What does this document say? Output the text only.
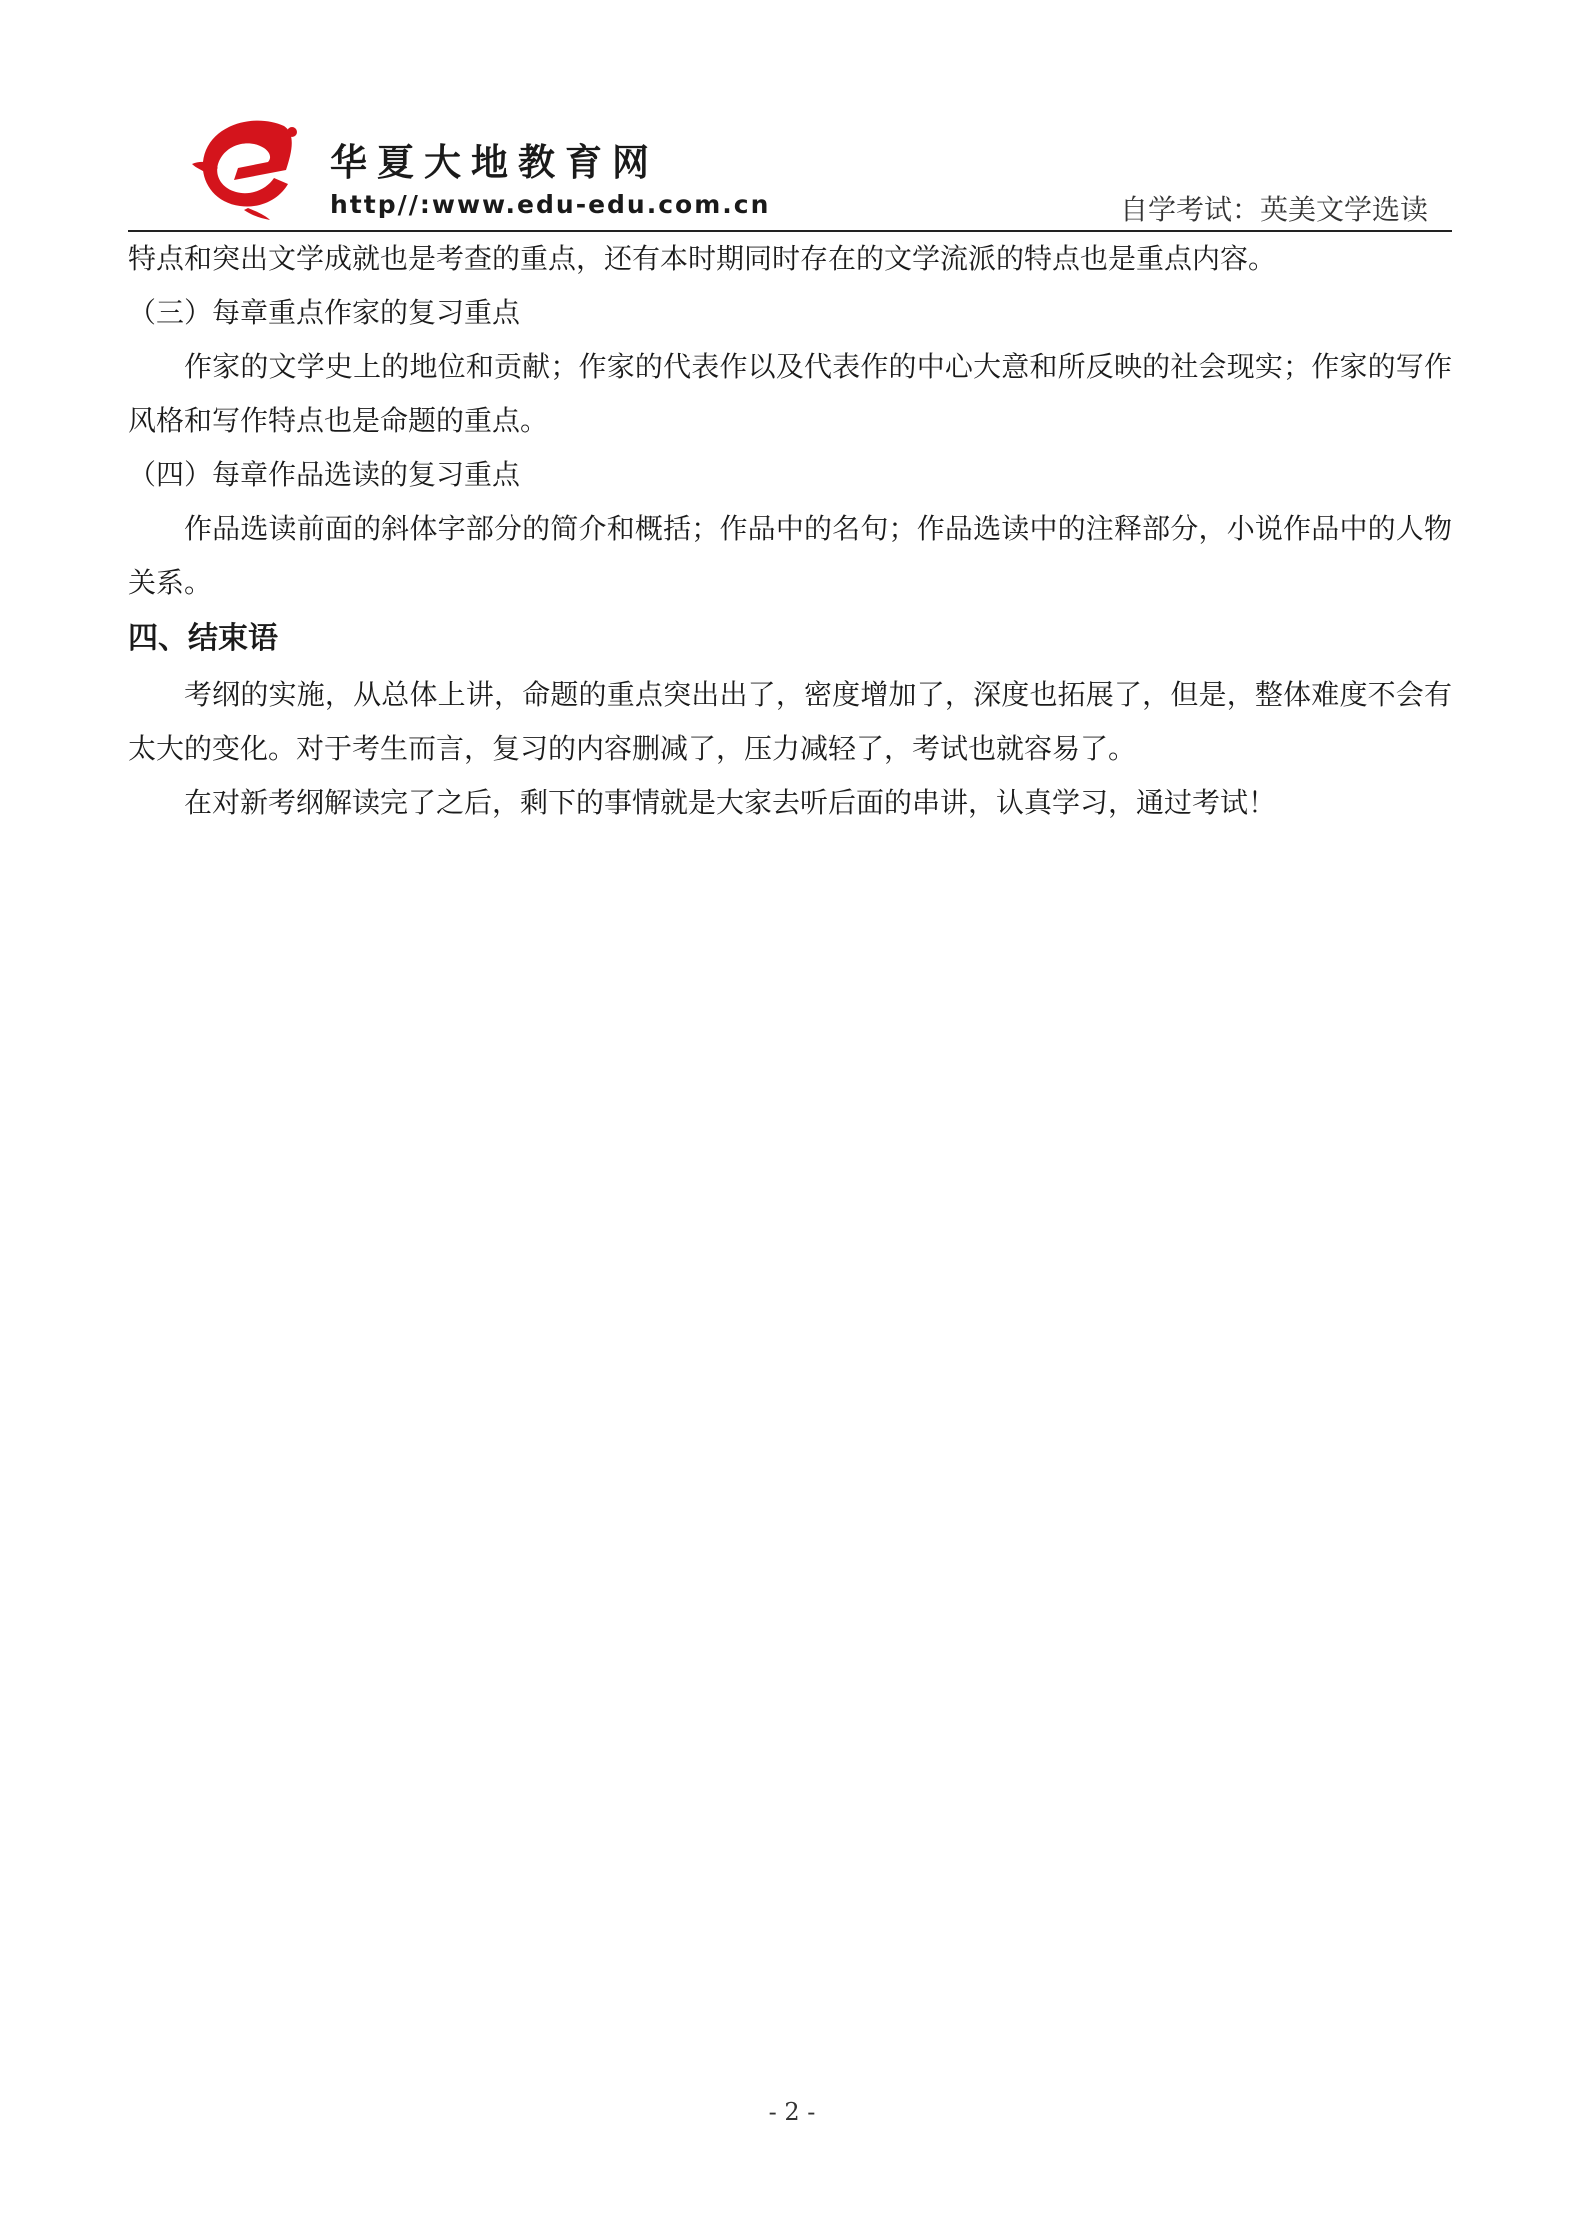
华夏大地教育网
http//:www.edu-edu.com.cn	自学考试：英美文学选读

特点和突出文学成就也是考查的重点，还有本时期同时存在的文学流派的特点也是重点内容。

（三）每章重点作家的复习重点

作家的文学史上的地位和贡献；作家的代表作以及代表作的中心大意和所反映的社会现实；作家的写作风格和写作特点也是命题的重点。

（四）每章作品选读的复习重点

作品选读前面的斜体字部分的简介和概括；作品中的名句；作品选读中的注释部分，小说作品中的人物关系。

四、结束语

考纲的实施，从总体上讲，命题的重点突出出了，密度增加了，深度也拓展了，但是，整体难度不会有太大的变化。对于考生而言，复习的内容删减了，压力减轻了，考试也就容易了。

在对新考纲解读完了之后，剩下的事情就是大家去听后面的串讲，认真学习，通过考试！

- 2 -
